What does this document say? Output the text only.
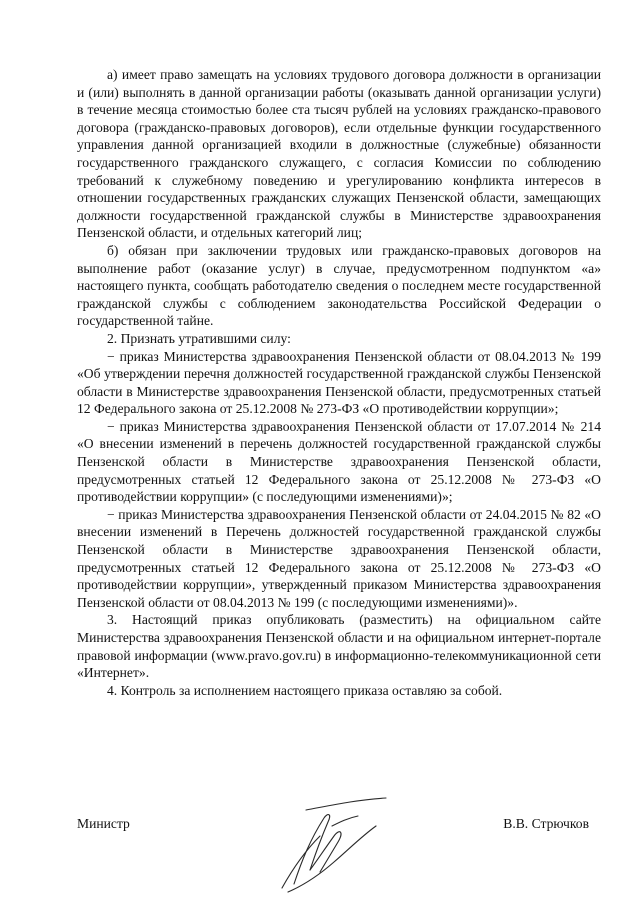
а) имеет право замещать на условиях трудового договора должности в организации и (или) выполнять в данной организации работы (оказывать данной организации услуги) в течение месяца стоимостью более ста тысяч рублей на условиях гражданско-правового договора (гражданско-правовых договоров), если отдельные функции государственного управления данной организацией входили в должностные (служебные) обязанности государственного гражданского служащего, с согласия Комиссии по соблюдению требований к служебному поведению и урегулированию конфликта интересов в отношении государственных гражданских служащих Пензенской области, замещающих должности государственной гражданской службы в Министерстве здравоохранения Пензенской области, и отдельных категорий лиц;

б) обязан при заключении трудовых или гражданско-правовых договоров на выполнение работ (оказание услуг) в случае, предусмотренном подпунктом «а» настоящего пункта, сообщать работодателю сведения о последнем месте государственной гражданской службы с соблюдением законодательства Российской Федерации о государственной тайне.

2. Признать утратившими силу:

− приказ Министерства здравоохранения Пензенской области от 08.04.2013 № 199 «Об утверждении перечня должностей государственной гражданской службы Пензенской области в Министерстве здравоохранения Пензенской области, предусмотренных статьей 12 Федерального закона от 25.12.2008 № 273-ФЗ «О противодействии коррупции»;

− приказ Министерства здравоохранения Пензенской области от 17.07.2014 № 214 «О внесении изменений в перечень должностей государственной гражданской службы Пензенской области в Министерстве здравоохранения Пензенской области, предусмотренных статьей 12 Федерального закона от 25.12.2008 № 273-ФЗ «О противодействии коррупции» (с последующими изменениями)»;

− приказ Министерства здравоохранения Пензенской области от 24.04.2015 № 82 «О внесении изменений в Перечень должностей государственной гражданской службы Пензенской области в Министерстве здравоохранения Пензенской области, предусмотренных статьей 12 Федерального закона от 25.12.2008 № 273-ФЗ «О противодействии коррупции», утвержденный приказом Министерства здравоохранения Пензенской области от 08.04.2013 № 199 (с последующими изменениями)».

3. Настоящий приказ опубликовать (разместить) на официальном сайте Министерства здравоохранения Пензенской области и на официальном интернет-портале правовой информации (www.pravo.gov.ru) в информационно-телекоммуникационной сети «Интернет».

4. Контроль за исполнением настоящего приказа оставляю за собой.

Министр	В.В. Стрючков
